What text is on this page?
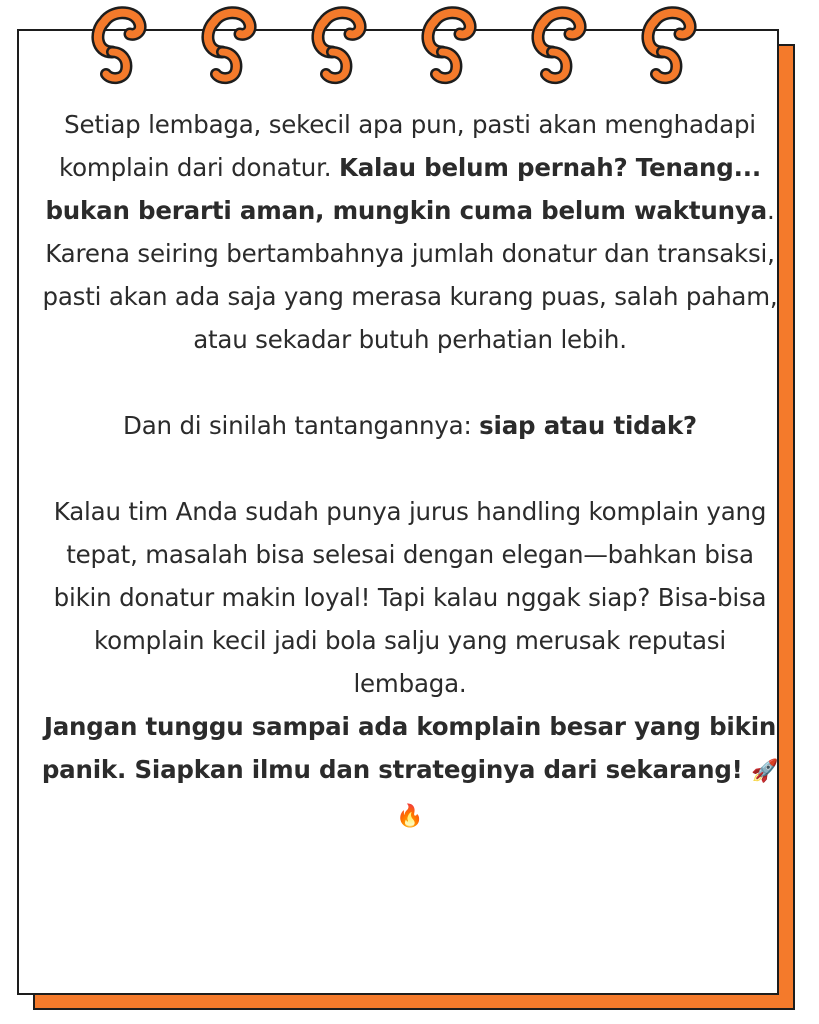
Setiap lembaga, sekecil apa pun, pasti akan menghadapi komplain dari donatur. Kalau belum pernah? Tenang... bukan berarti aman, mungkin cuma belum waktunya. Karena seiring bertambahnya jumlah donatur dan transaksi, pasti akan ada saja yang merasa kurang puas, salah paham, atau sekadar butuh perhatian lebih.

Dan di sinilah tantangannya: siap atau tidak?

Kalau tim Anda sudah punya jurus handling komplain yang tepat, masalah bisa selesai dengan elegan—bahkan bisa bikin donatur makin loyal! Tapi kalau nggak siap? Bisa-bisa komplain kecil jadi bola salju yang merusak reputasi lembaga.

Jangan tunggu sampai ada komplain besar yang bikin panik. Siapkan ilmu dan strateginya dari sekarang! 🚀🔥
